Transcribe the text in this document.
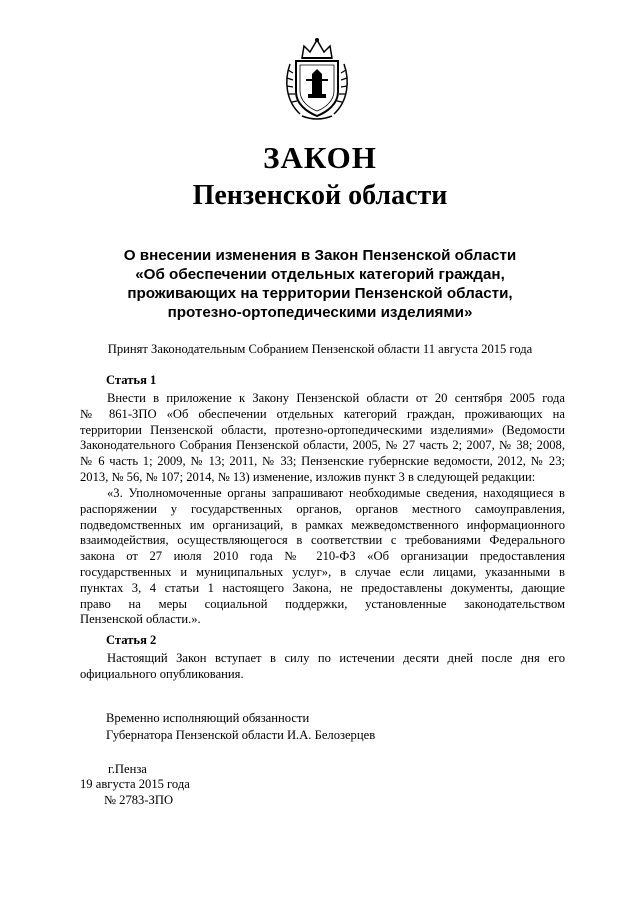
ЗАКОН
Пензенской области
О внесении изменения в Закон Пензенской области
«Об обеспечении отдельных категорий граждан,
проживающих на территории Пензенской области,
протезно-ортопедическими изделиями»

Принят Законодательным Собранием Пензенской области 11 августа 2015 года

Статья 1

Внести в приложение к Закону Пензенской области от 20 сентября 2005 года
№ 861-ЗПО «Об обеспечении отдельных категорий граждан, проживающих на
территории Пензенской области, протезно-ортопедическими изделиями» (Ведомости
Законодательного Собрания Пензенской области, 2005, № 27 часть 2; 2007, № 38; 2008,
№ 6 часть 1; 2009, № 13; 2011, № 33; Пензенские губернские ведомости, 2012, № 23;
2013, № 56, № 107; 2014, № 13) изменение, изложив пункт 3 в следующей редакции:
«3. Уполномоченные органы запрашивают необходимые сведения, находящиеся в
распоряжении у государственных органов, органов местного самоуправления,
подведомственных им организаций, в рамках межведомственного информационного
взаимодействия, осуществляющегося в соответствии с требованиями Федерального
закона от 27 июля 2010 года № 210-ФЗ «Об организации предоставления
государственных и муниципальных услуг», в случае если лицами, указанными в
пунктах 3, 4 статьи 1 настоящего Закона, не предоставлены документы, дающие
право на меры социальной поддержки, установленные законодательством
Пензенской области.».

Статья 2

Настоящий Закон вступает в силу по истечении десяти дней после дня его
официального опубликования.
Временно исполняющий обязанности
Губернатора Пензенской области И.А. Белозерцев

г.Пенза

19 августа 2015 года

№ 2783-ЗПО
